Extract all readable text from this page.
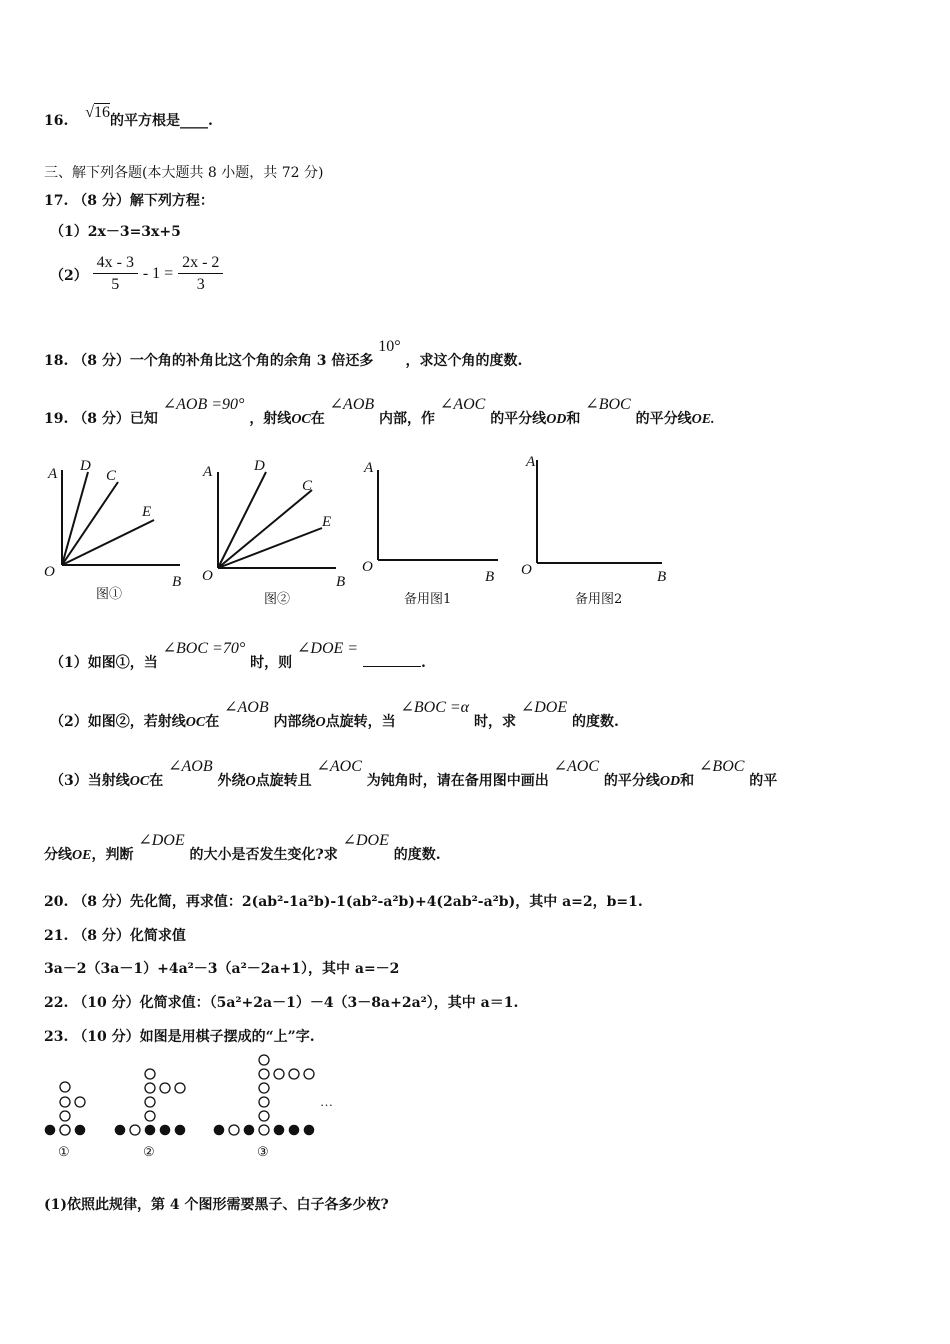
16. √16的平方根是____.
三、解下列各题(本大题共 8 小题，共 72 分)
17. （8 分）解下列方程：
（1）2x－3=3x+5
$(2) \frac{4x - 3}{5} - 1 = \frac{2x - 2}{3}$
18. （8 分）一个角的补角比这个角的余角 3 倍还多 10° ，求这个角的度数.
19. （8 分）已知 ∠AOB =90° ，射线OC在 ∠AOB 内部，作 ∠AOC 的平分线OD和 ∠BOC 的平分线OE.
A D
C
E
O
B
A	D
C
E
O	B
A
O
B
A
O	B
图①	图②	备用图1	备用图2
（1）如图①，当 ∠BOC =70° 时，则 ∠DOE = .
（2）如图②，若射线OC在 ∠AOB 内部绕O点旋转，当 ∠BOC =α 时，求 ∠DOE 的度数.
（3）当射线OC在 ∠AOB 外绕O点旋转且 ∠AOC 为钝角时，请在备用图中画出 ∠AOC 的平分线OD和 ∠BOC 的平
分线OE，判断 ∠DOE 的大小是否发生变化?求 ∠DOE 的度数.
20. （8 分）先化简，再求值：2(ab²-1a²b)-1(ab²-a²b)+4(2ab²-a²b)，其中 a=2，b=1.
21. （8 分）化简求值
3a－2（3a－1）+4a²－3（a²－2a+1），其中 a=－2
22. （10 分）化简求值：（5a²+2a－1）－4（3－8a+2a²），其中 a＝1.
23. （10 分）如图是用棋子摆成的“上”字.
①	②	③
…
(1)依照此规律，第 4 个图形需要黑子、白子各多少枚?
